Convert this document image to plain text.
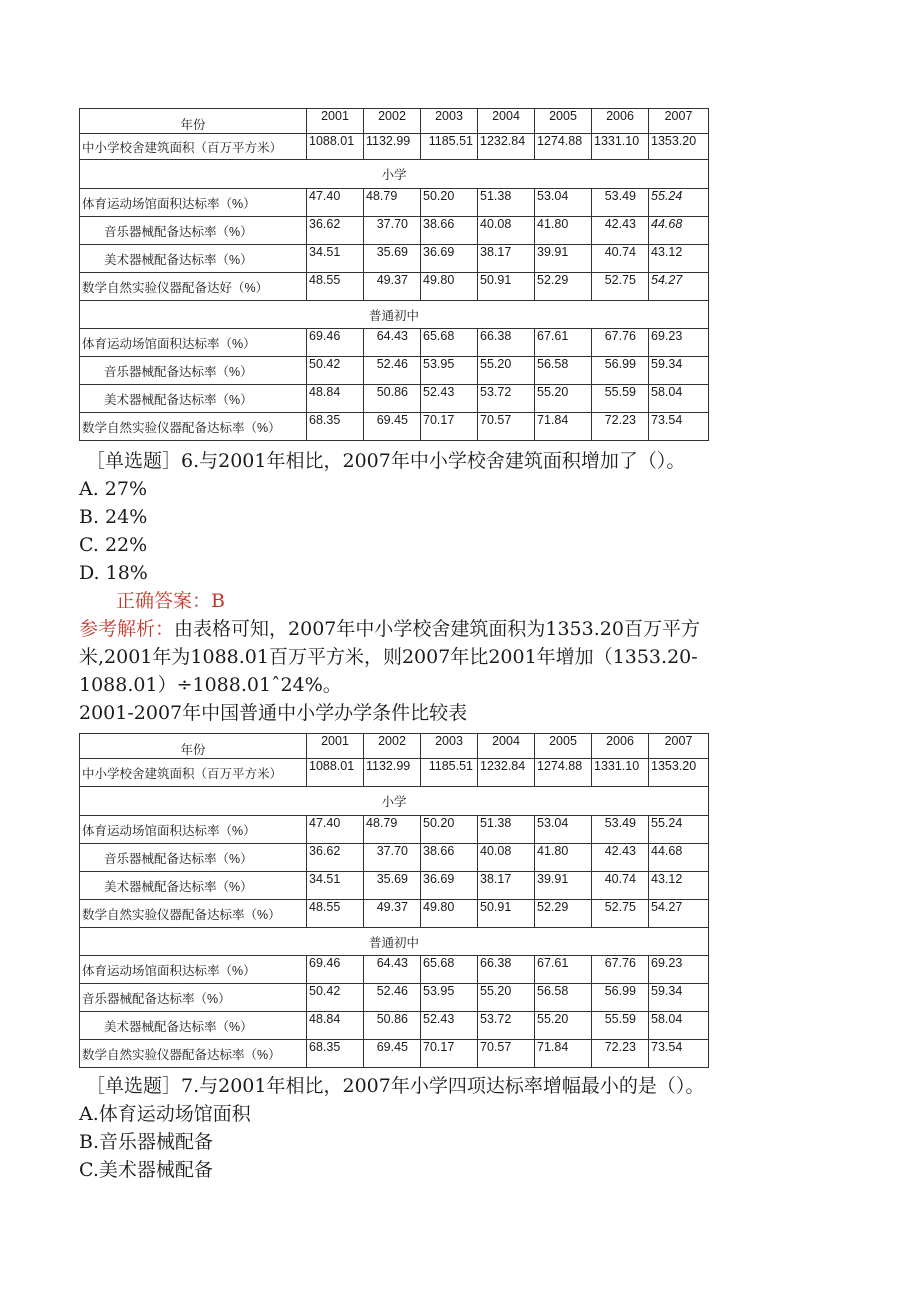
年份	2001	2002	2003	2004	2005	2006	2007
中小学校舍建筑面积（百万平方米）	1088.01	1132.99	1185.51	1232.84	1274.88	1331.10	1353.20
小学							
体育运动场馆面积达标率（%）	47.40	48.79	50.20	51.38	53.04	53.49	55.24
音乐器械配备达标率（%）	36.62	37.70	38.66	40.08	41.80	42.43	44.68
美术器械配备达标率（%）	34.51	35.69	36.69	38.17	39.91	40.74	43.12
数学自然实验仪器配备达好（%）	48.55	49.37	49.80	50.91	52.29	52.75	54.27
普通初中							
体育运动场馆面积达标率（%）	69.46	64.43	65.68	66.38	67.61	67.76	69.23
音乐器械配备达标率（%）	50.42	52.46	53.95	55.20	56.58	56.99	59.34
美术器械配备达标率（%）	48.84	50.86	52.43	53.72	55.20	55.59	58.04
数学自然实验仪器配备达标率（%）	68.35	69.45	70.17	70.57	71.84	72.23	73.54
［单选题］6.与2001年相比，2007年中小学校舍建筑面积增加了（）。
A. 27%
B. 24%
C. 22%
D. 18%
正确答案：B
参考解析：由表格可知，2007年中小学校舍建筑面积为1353.20百万平方
米,2001年为1088.01百万平方米，则2007年比2001年增加（1353.20-
1088.01）÷1088.01ˆ24%。
2001-2007年中国普通中小学办学条件比较表
年份	2001	2002	2003	2004	2005	2006	2007
中小学校舍建筑面积（百万平方米）	1088.01	1132.99	1185.51	1232.84	1274.88	1331.10	1353.20
小学							
体育运动场馆面积达标率（%）	47.40	48.79	50.20	51.38	53.04	53.49	55.24
音乐器械配备达标率（%）	36.62	37.70	38.66	40.08	41.80	42.43	44.68
美术器械配备达标率（%）	34.51	35.69	36.69	38.17	39.91	40.74	43.12
数学自然实验仪器配备达标率（%）	48.55	49.37	49.80	50.91	52.29	52.75	54.27
普通初中							
体育运动场馆面积达标率（%）	69.46	64.43	65.68	66.38	67.61	67.76	69.23
音乐器械配备达标率（%）	50.42	52.46	53.95	55.20	56.58	56.99	59.34
美术器械配备达标率（%）	48.84	50.86	52.43	53.72	55.20	55.59	58.04
数学自然实验仪器配备达标率（%）	68.35	69.45	70.17	70.57	71.84	72.23	73.54
［单选题］7.与2001年相比，2007年小学四项达标率增幅最小的是（）。
A.体育运动场馆面积
B.音乐器械配备
C.美术器械配备
